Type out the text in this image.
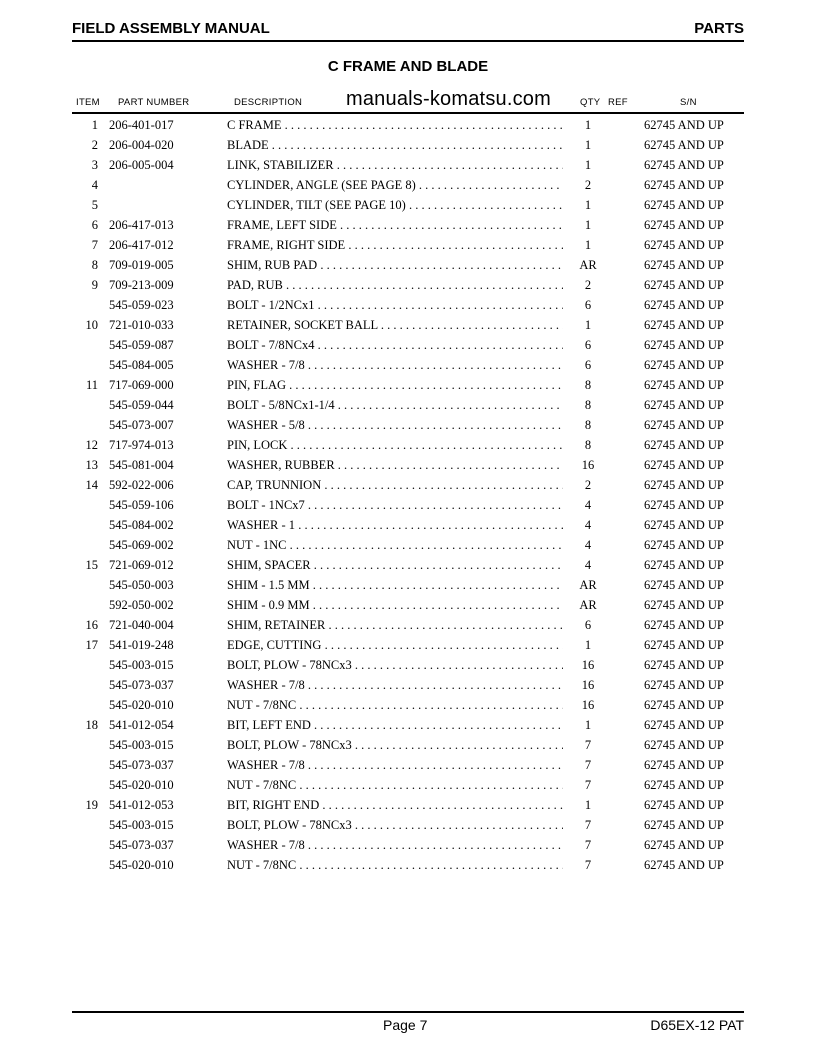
FIELD ASSEMBLY MANUAL	PARTS
C FRAME AND BLADE
ITEM PART NUMBER	DESCRIPTION	QTY REF	S/N
manuals-komatsu.com
1 206-401-017	C FRAME . . .	1	62745 AND UP
2 206-004-020	BLADE . . .	1	62745 AND UP
3 206-005-004	LINK, STABILIZER . . .	1	62745 AND UP
4	CYLINDER, ANGLE (SEE PAGE 8) . . .	2	62745 AND UP
5	CYLINDER, TILT (SEE PAGE 10) . . .	1	62745 AND UP
6 206-417-013	FRAME, LEFT SIDE . . .	1	62745 AND UP
7 206-417-012	FRAME, RIGHT SIDE . . .	1	62745 AND UP
8 709-019-005	SHIM, RUB PAD . . .	AR	62745 AND UP
9 709-213-009	PAD, RUB . . .	2	62745 AND UP
545-059-023	BOLT - 1/2NCx1 . . .	6	62745 AND UP
10 721-010-033	RETAINER, SOCKET BALL . . .	1	62745 AND UP
545-059-087	BOLT - 7/8NCx4 . . .	6	62745 AND UP
545-084-005	WASHER - 7/8 . . .	6	62745 AND UP
11 717-069-000	PIN, FLAG . . .	8	62745 AND UP
545-059-044	BOLT - 5/8NCx1-1/4 . . .	8	62745 AND UP
545-073-007	WASHER - 5/8 . . .	8	62745 AND UP
12 717-974-013	PIN, LOCK . . .	8	62745 AND UP
13 545-081-004	WASHER, RUBBER . . .	16	62745 AND UP
14 592-022-006	CAP, TRUNNION . . .	2	62745 AND UP
545-059-106	BOLT - 1NCx7 . . .	4	62745 AND UP
545-084-002	WASHER - 1 . . .	4	62745 AND UP
545-069-002	NUT - 1NC . . .	4	62745 AND UP
15 721-069-012	SHIM, SPACER . . .	4	62745 AND UP
545-050-003	SHIM - 1.5 MM . . .	AR	62745 AND UP
592-050-002	SHIM - 0.9 MM . . .	AR	62745 AND UP
16 721-040-004	SHIM, RETAINER . . .	6	62745 AND UP
17 541-019-248	EDGE, CUTTING . . .	1	62745 AND UP
545-003-015	BOLT, PLOW - 78NCx3 . . .	16	62745 AND UP
545-073-037	WASHER - 7/8 . . .	16	62745 AND UP
545-020-010	NUT - 7/8NC . . .	16	62745 AND UP
18 541-012-054	BIT, LEFT END . . .	1	62745 AND UP
545-003-015	BOLT, PLOW - 78NCx3 . . .	7	62745 AND UP
545-073-037	WASHER - 7/8 . . .	7	62745 AND UP
545-020-010	NUT - 7/8NC . . .	7	62745 AND UP
19 541-012-053	BIT, RIGHT END . . .	1	62745 AND UP
545-003-015	BOLT, PLOW - 78NCx3 . . .	7	62745 AND UP
545-073-037	WASHER - 7/8 . . .	7	62745 AND UP
545-020-010	NUT - 7/8NC . . .	7	62745 AND UP
Page 7	D65EX-12 PAT
